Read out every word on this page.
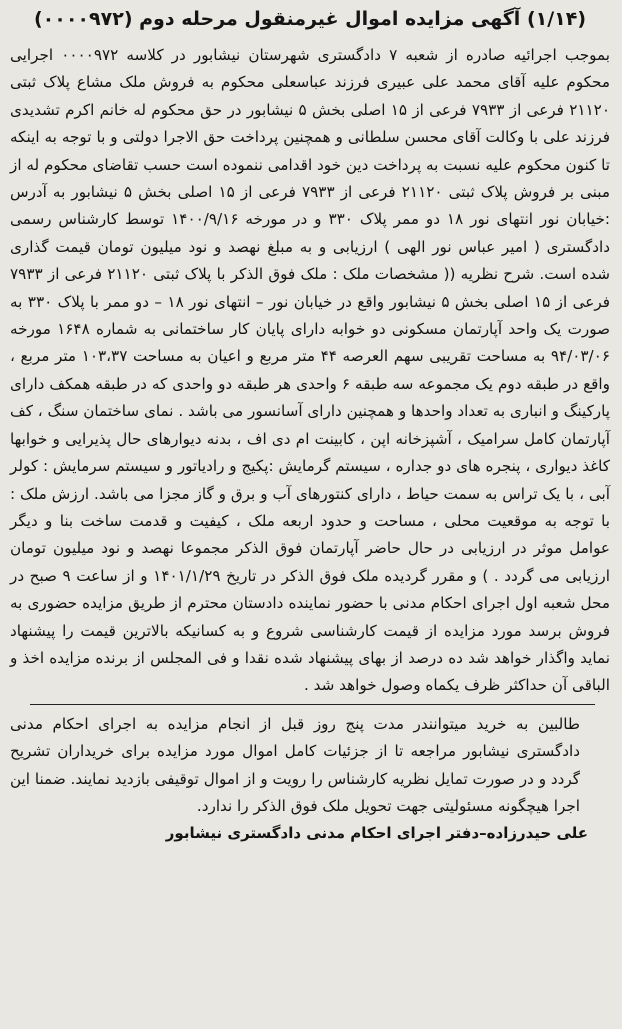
(۱/۱۴) آگهی مزایده اموال غیرمنقول مرحله دوم (۰۰۰۰۹۷۲)

بموجب اجرائیه صادره از شعبه ۷ دادگستری شهرستان نیشابور در کلاسه ۰۰۰۰۹۷۲ اجرایی محکوم علیه آقای محمد علی عبیری فرزند عباسعلی محکوم به فروش ملک مشاع پلاک ثبتی ۲۱۱۲۰ فرعی از ۷۹۳۳ فرعی از ۱۵ اصلی بخش ۵ نیشابور در حق محکوم له خانم اکرم تشدیدی فرزند علی با وکالت آقای محسن سلطانی و همچنین پرداخت حق الاجرا دولتی و با توجه به اینکه تا کنون محکوم علیه نسبت به پرداخت دین خود اقدامی ننموده است حسب تقاضای محکوم له از مبنی بر فروش پلاک ثبتی ۲۱۱۲۰ فرعی از ۷۹۳۳ فرعی از ۱۵ اصلی بخش ۵ نیشابور به آدرس :خیابان نور انتهای نور ۱۸ دو ممر پلاک ۳۳۰ و در مورخه ۱۴۰۰/۹/۱۶ توسط کارشناس رسمی دادگستری ( امیر عباس نور الهی ) ارزیابی و به مبلغ نهصد و نود میلیون تومان قیمت گذاری شده است. شرح نظریه (( مشخصات ملک : ملک فوق الذکر با پلاک ثبتی ۲۱۱۲۰ فرعی از ۷۹۳۳ فرعی از ۱۵ اصلی بخش ۵ نیشابور واقع در خیابان نور – انتهای نور ۱۸ – دو ممر با پلاک ۳۳۰ به صورت یک واحد آپارتمان مسکونی دو خوابه دارای پایان کار ساختمانی به شماره ۱۶۴۸ مورخه ۹۴/۰۳/۰۶ به مساحت تقریبی سهم العرصه ۴۴ متر مربع و اعیان به مساحت ۱۰۳،۳۷ متر مربع ، واقع در طبقه دوم یک مجموعه سه طبقه ۶ واحدی هر طبقه دو واحدی که در طبقه همکف دارای پارکینگ و انباری به تعداد واحدها و همچنین دارای آسانسور می باشد . نمای ساختمان سنگ ، کف آپارتمان کامل سرامیک ، آشپزخانه اپن ، کابینت ام دی اف ، بدنه دیوارهای حال پذیرایی و خوابها کاغذ دیواری ، پنجره های دو جداره ، سیستم گرمایش :پکیج و رادیاتور و سیستم سرمایش : کولر آبی ، با یک تراس به سمت حیاط ، دارای کنتورهای آب و برق و گاز مجزا می باشد. ارزش ملک : با توجه به موقعیت محلی ، مساحت و حدود اربعه ملک ، کیفیت و قدمت ساخت بنا و دیگر عوامل موثر در ارزیابی در حال حاضر آپارتمان فوق الذکر مجموعا نهصد و نود میلیون تومان ارزیابی می گردد . ) و مقرر گردیده ملک فوق الذکر در تاریخ ۱۴۰۱/۱/۲۹ و از ساعت ۹ صبح در محل شعبه اول اجرای احکام مدنی با حضور نماینده دادستان محترم از طریق مزایده حضوری به فروش برسد مورد مزایده از قیمت کارشناسی شروع و به کسانیکه بالاترین قیمت را پیشنهاد نماید واگذار خواهد شد ده درصد از بهای پیشنهاد شده نقدا و فی المجلس از برنده مزایده اخذ و الباقی آن حداکثر ظرف یکماه وصول خواهد شد .

طالبین به خرید میتوانندر مدت پنج روز قبل از انجام مزایده به اجرای احکام مدنی دادگستری نیشابور مراجعه تا از جزئیات کامل اموال مورد مزایده برای خریداران تشریح گردد و در صورت تمایل نظریه کارشناس را رویت و از اموال توقیفی بازدید نمایند. ضمنا این اجرا هیچگونه مسئولیتی جهت تحویل ملک فوق الذکر را ندارد.

علی حیدرزاده–دفتر اجرای احکام مدنی دادگستری نیشابور
